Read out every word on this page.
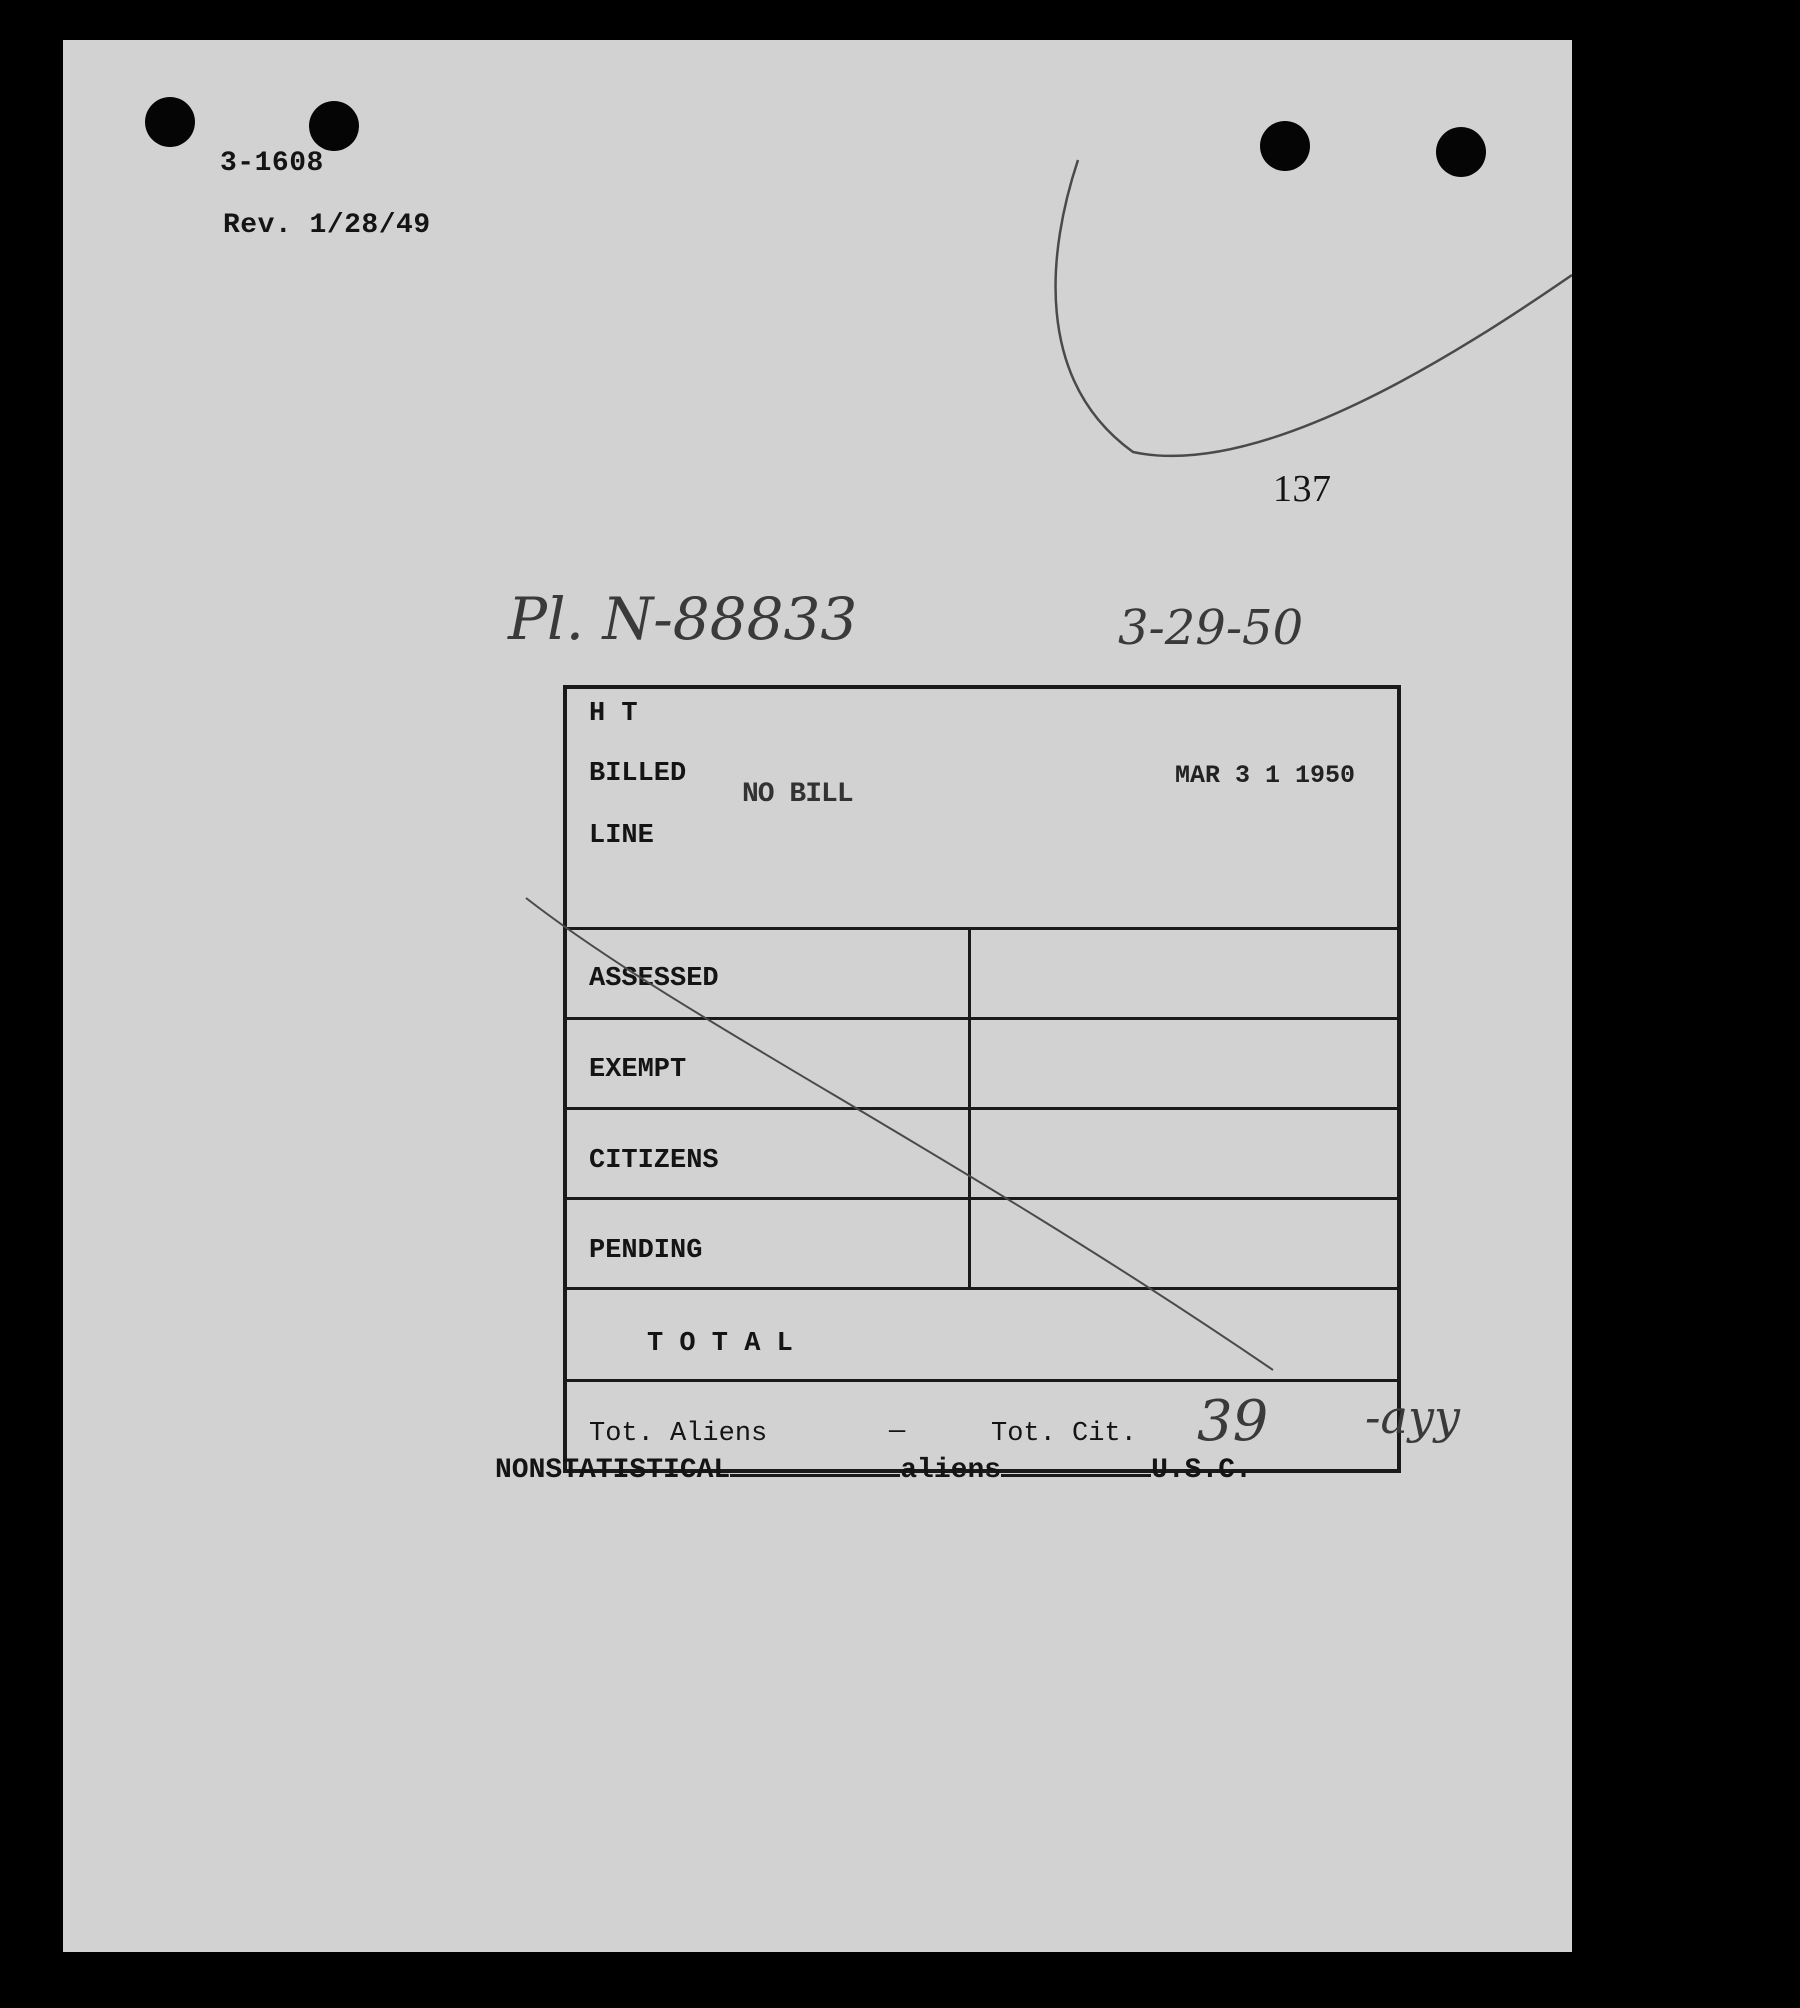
3-1608
Rev. 1/28/49
137
Pl. N-88833	3-29-50
H T
BILLED
LINE
NO BILL
MAR 3 1 1950
ASSESSED
EXEMPT
CITIZENS
PENDING
T O T A L
Tot. Aliens	—	Tot. Cit. 39 -ayy
NONSTATISTICAL	aliens	U.S.C.
